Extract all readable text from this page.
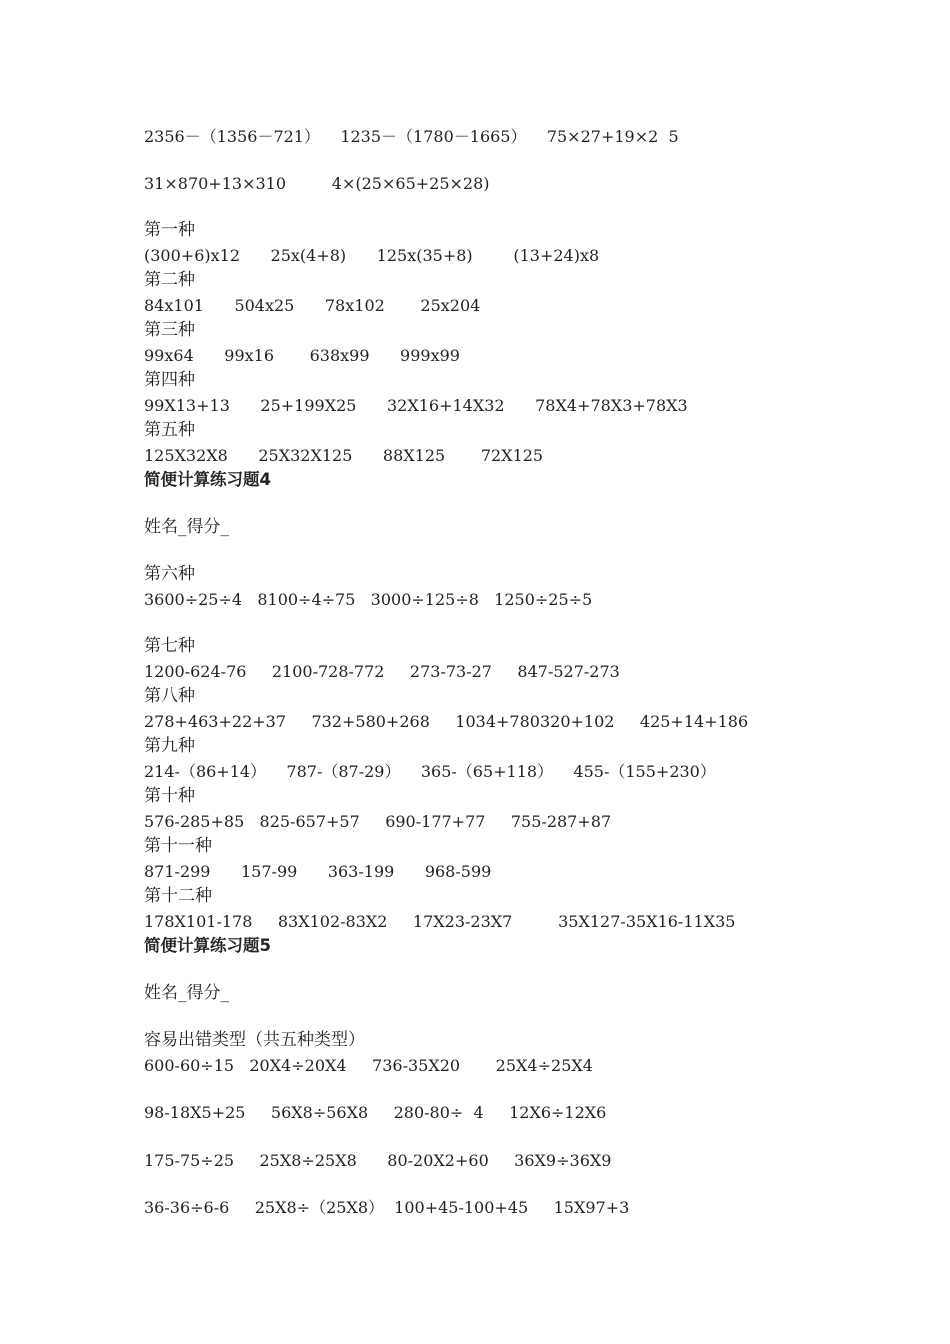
2356－（1356－721）    1235－（1780－1665）    75×27+19×2  5
31×870+13×310         4×(25×65+25×28)
第一种
(300+6)x12      25x(4+8)      125x(35+8)        (13+24)x8
第二种
84x101      504x25      78x102       25x204
第三种
99x64      99x16       638x99      999x99
第四种
99X13+13      25+199X25      32X16+14X32      78X4+78X3+78X3
第五种
125X32X8      25X32X125      88X125       72X125
简便计算练习题4
姓名_得分_
第六种
3600÷25÷4   8100÷4÷75   3000÷125÷8   1250÷25÷5
第七种
1200-624-76     2100-728-772     273-73-27     847-527-273
第八种
278+463+22+37     732+580+268     1034+780320+102     425+14+186
第九种
214-（86+14）    787-（87-29）    365-（65+118）    455-（155+230）
第十种
576-285+85   825-657+57     690-177+77     755-287+87
第十一种
871-299      157-99      363-199      968-599
第十二种
178X101-178     83X102-83X2     17X23-23X7         35X127-35X16-11X35
简便计算练习题5
姓名_得分_
容易出错类型（共五种类型）
600-60÷15   20X4÷20X4     736-35X20       25X4÷25X4
98-18X5+25     56X8÷56X8     280-80÷  4     12X6÷12X6
175-75÷25     25X8÷25X8      80-20X2+60     36X9÷36X9
36-36÷6-6     25X8÷（25X8）  100+45-100+45     15X97+3
